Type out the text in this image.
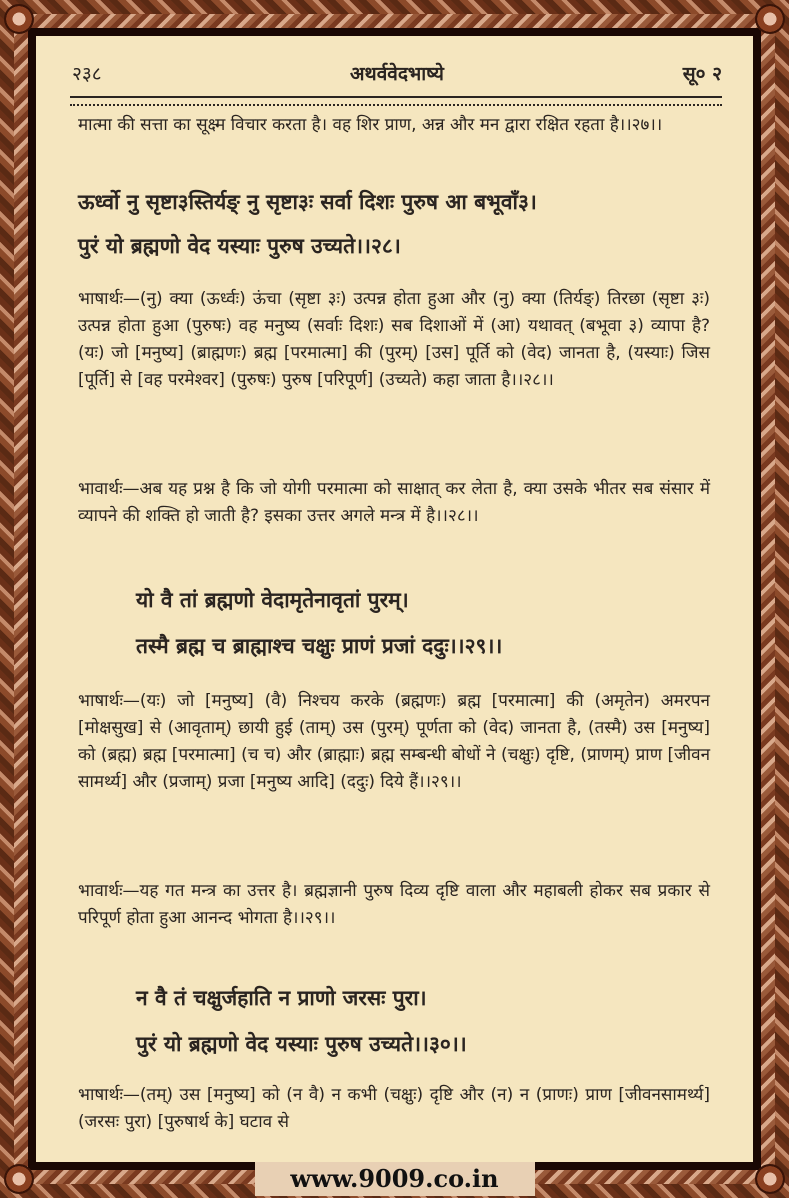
अथर्ववेदभाष्ये
२३८	सू० २
मात्मा की सत्ता का सूक्ष्म विचार करता है। वह शिर प्राण, अन्न और मन द्वारा रक्षित रहता है।।२७।।
ऊर्ध्वो नु सृष्टा३स्तिर्यङ् नु सृष्टा३ः सर्वा दिशः पुरुष आ बभूवाँ३।
पुरं यो ब्रह्मणो वेद यस्याः पुरुष उच्यते।।२८।
भाषार्थः—(नु) क्या (ऊर्ध्वः) ऊंचा (सृष्टा ३ः) उत्पन्न होता हुआ और (नु) क्या (तिर्यङ्) तिरछा (सृष्टा ३ः) उत्पन्न होता हुआ (पुरुषः) वह मनुष्य (सर्वाः दिशः) सब दिशाओं में (आ) यथावत् (बभूवा ३) व्यापा है? (यः) जो [मनुष्य] (ब्राह्मणः) ब्रह्म [परमात्मा] की (पुरम्) [उस] पूर्ति को (वेद) जानता है, (यस्याः) जिस [पूर्ति] से [वह परमेश्वर] (पुरुषः) पुरुष [परिपूर्ण] (उच्यते) कहा जाता है।।२८।।
भावार्थः—अब यह प्रश्न है कि जो योगी परमात्मा को साक्षात् कर लेता है, क्या उसके भीतर सब संसार में व्यापने की शक्ति हो जाती है? इसका उत्तर अगले मन्त्र में है।।२८।।
यो वै तां ब्रह्मणो वेदामृतेनावृतां पुरम्।
तस्मै ब्रह्म च ब्राह्माश्च चक्षुः प्राणं प्रजां ददुः।।२९।।
भाषार्थः—(यः) जो [मनुष्य] (वै) निश्चय करके (ब्रह्मणः) ब्रह्म [परमात्मा] की (अमृतेन) अमरपन [मोक्षसुख] से (आवृताम्) छायी हुई (ताम्) उस (पुरम्) पूर्णता को (वेद) जानता है, (तस्मै) उस [मनुष्य] को (ब्रह्म) ब्रह्म [परमात्मा] (च च) और (ब्राह्माः) ब्रह्म सम्बन्धी बोधों ने (चक्षुः) दृष्टि, (प्राणम्) प्राण [जीवन सामर्थ्य] और (प्रजाम्) प्रजा [मनुष्य आदि] (ददुः) दिये हैं।।२९।।
भावार्थः—यह गत मन्त्र का उत्तर है। ब्रह्मज्ञानी पुरुष दिव्य दृष्टि वाला और महाबली होकर सब प्रकार से परिपूर्ण होता हुआ आनन्द भोगता है।।२९।।
न वै तं चक्षुर्जहाति न प्राणो जरसः पुरा।
पुरं यो ब्रह्मणो वेद यस्याः पुरुष उच्यते।।३०।।
भाषार्थः—(तम्) उस [मनुष्य] को (न वै) न कभी (चक्षुः) दृष्टि और (न) न (प्राणः) प्राण [जीवनसामर्थ्य] (जरसः पुरा) [पुरुषार्थ के] घटाव से
www.9009.co.in
